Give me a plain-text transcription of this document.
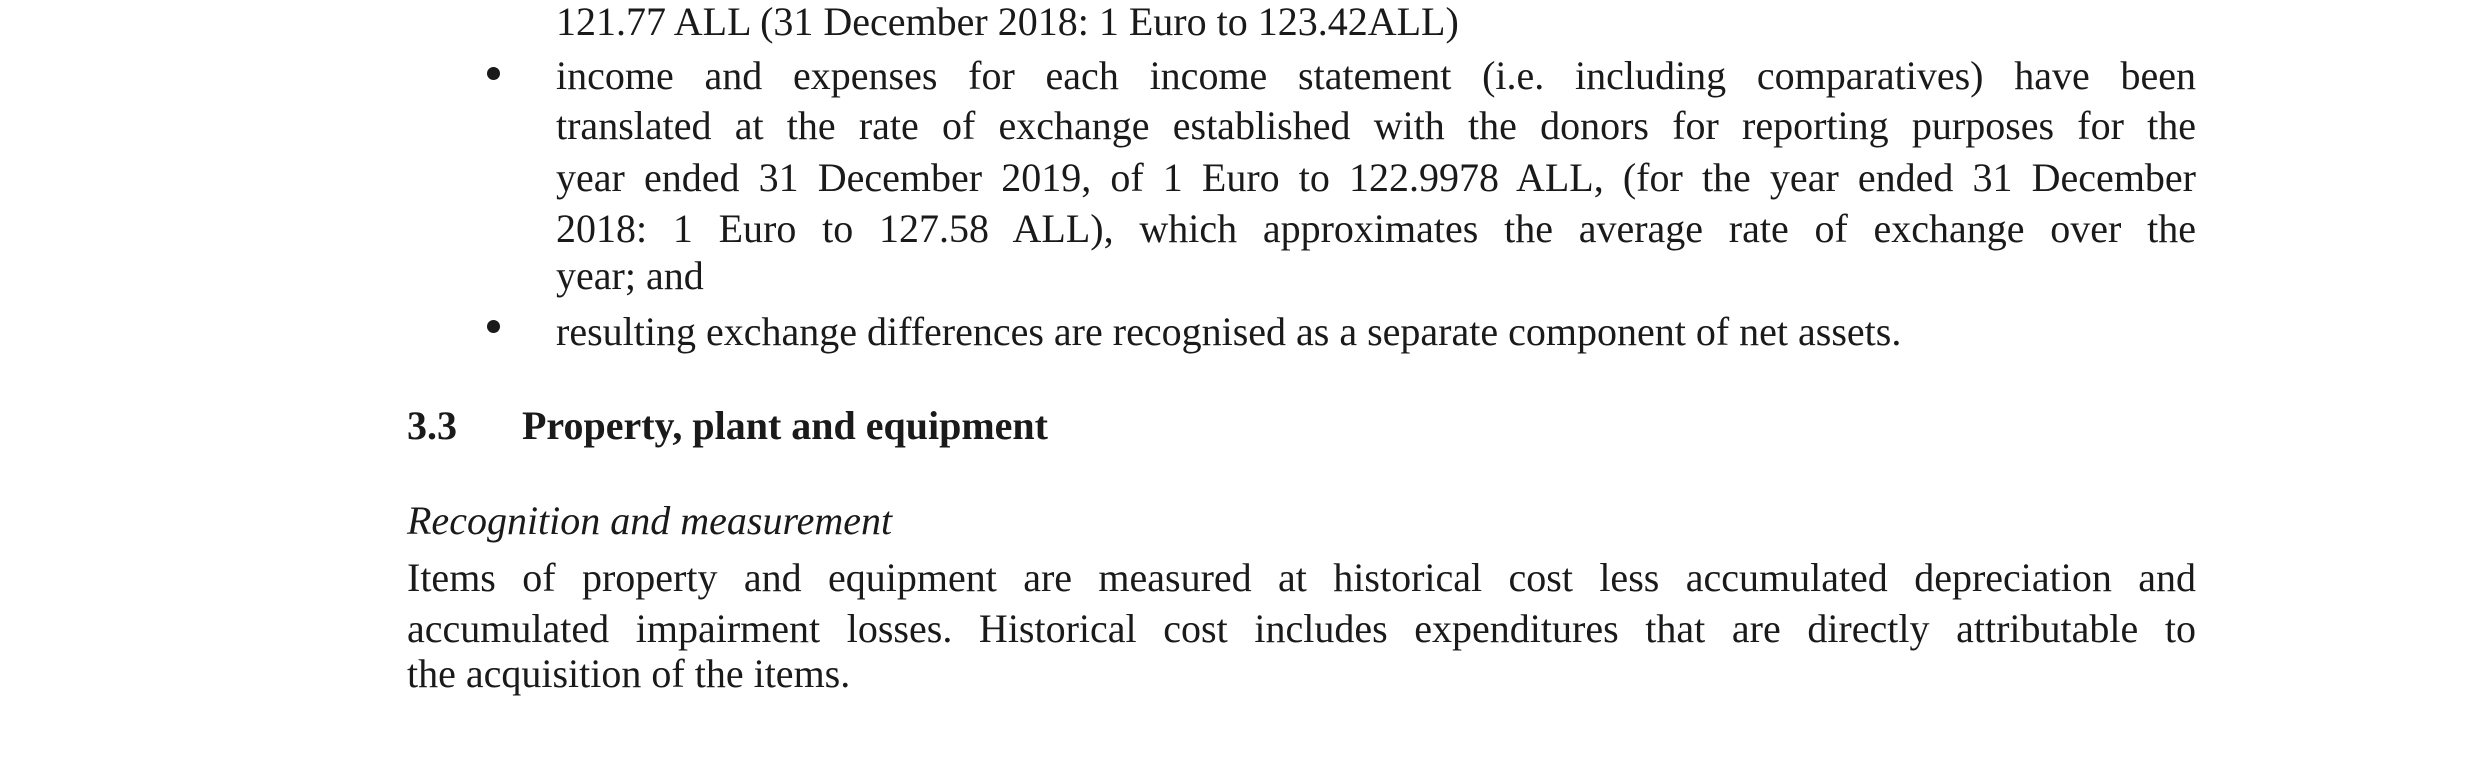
121.77 ALL (31 December 2018: 1 Euro to 123.42ALL)
income and expenses for each income statement (i.e. including comparatives) have been
translated at the rate of exchange established with the donors for reporting purposes for the
year ended 31 December 2019, of 1 Euro to 122.9978 ALL, (for the year ended 31 December
2018: 1 Euro to 127.58 ALL), which approximates the average rate of exchange over the
year; and
resulting exchange differences are recognised as a separate component of net assets.
3.3 Property, plant and equipment
Recognition and measurement
Items of property and equipment are measured at historical cost less accumulated depreciation and
accumulated impairment losses. Historical cost includes expenditures that are directly attributable to
the acquisition of the items.
